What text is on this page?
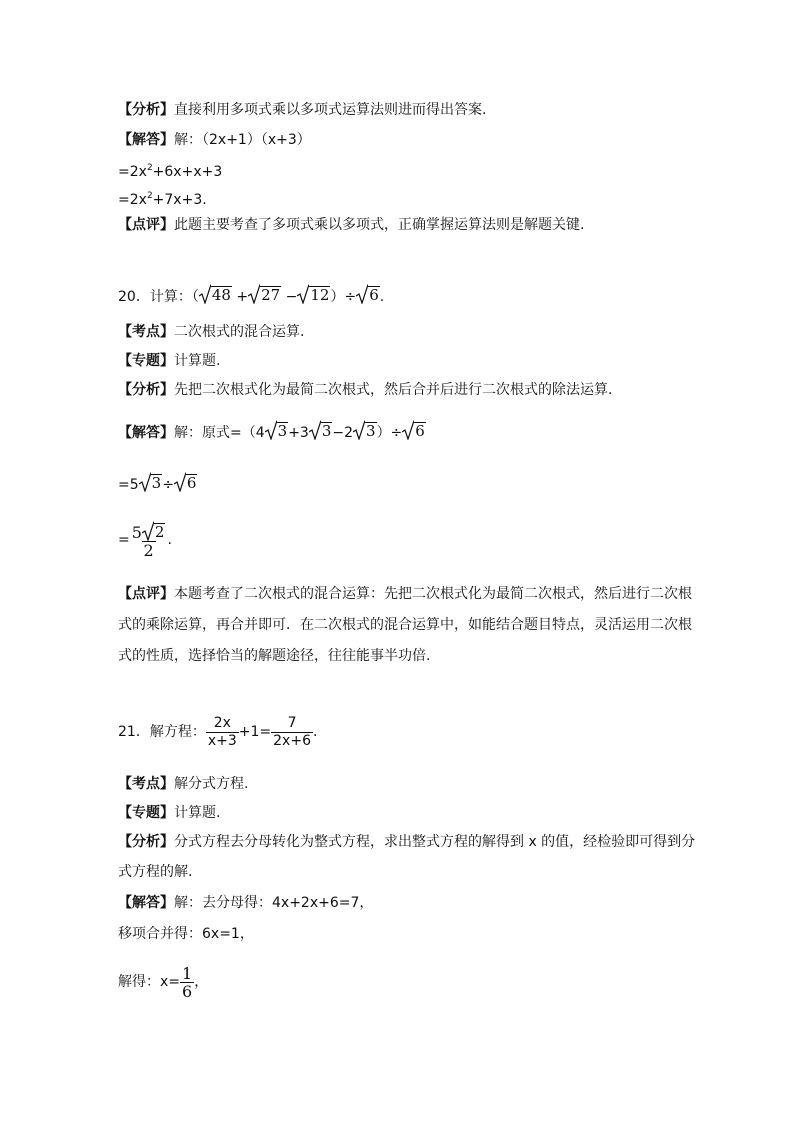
【分析】直接利用多项式乘以多项式运算法则进而得出答案.
【解答】解：（2x+1）（x+3）
$=2x^2+6x+x+3$
$=2x^2+7x+3$.
【点评】此题主要考查了多项式乘以多项式，正确掌握运算法则是解题关键.
20．计算：（ 48 + 27 − 12 ）÷ 6 .
【考点】二次根式的混合运算.
【专题】计算题.
【分析】先把二次根式化为最简二次根式，然后合并后进行二次根式的除法运算.
【解答】解：原式=（4 3 +3 3 −2 3 ）÷ 6
=5 3 ÷ 6
= $\frac{5 2}{2}$ .
【点评】本题考查了二次根式的混合运算：先把二次根式化为最简二次根式，然后进行二次根
式的乘除运算，再合并即可．在二次根式的混合运算中，如能结合题目特点，灵活运用二次根
式的性质，选择恰当的解题途径，往往能事半功倍.
21．解方程： $\frac{2x}{x+3} +1= \frac{7}{2x+6}$ .
【考点】解分式方程.
【专题】计算题.
【分析】分式方程去分母转化为整式方程，求出整式方程的解得到 x 的值，经检验即可得到分
式方程的解.
【解答】解：去分母得：4x+2x+6=7，
移项合并得：6x=1，
解得：$x= \frac{1}{6}$ ，
